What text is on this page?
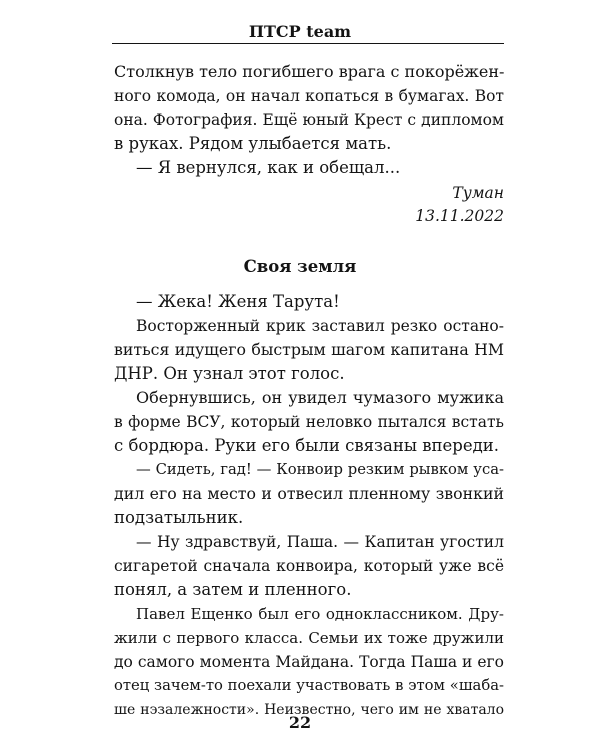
ПТСР team
Столкнув тело погибшего врага с покорёжен-
ного комода, он начал копаться в бумагах. Вот
она. Фотография. Ещё юный Крест с дипломом
в руках. Рядом улыбается мать.
— Я вернулся, как и обещал...
Туман
13.11.2022
Своя земля
— Жека! Женя Тарута!
Восторженный крик заставил резко остано-
виться идущего быстрым шагом капитана НМ
ДНР. Он узнал этот голос.
Обернувшись, он увидел чумазого мужика
в форме ВСУ, который неловко пытался встать
с бордюра. Руки его были связаны впереди.
— Сидеть, гад! — Конвоир резким рывком уса-
дил его на место и отвесил пленному звонкий
подзатыльник.
— Ну здравствуй, Паша. — Капитан угостил
сигаретой сначала конвоира, который уже всё
понял, а затем и пленного.
Павел Ещенко был его одноклассником. Дру-
жили с первого класса. Семьи их тоже дружили
до самого момента Майдана. Тогда Паша и его
отец зачем-то поехали участвовать в этом «шаба-
ше нэзалежности». Неизвестно, чего им не хватало
22
